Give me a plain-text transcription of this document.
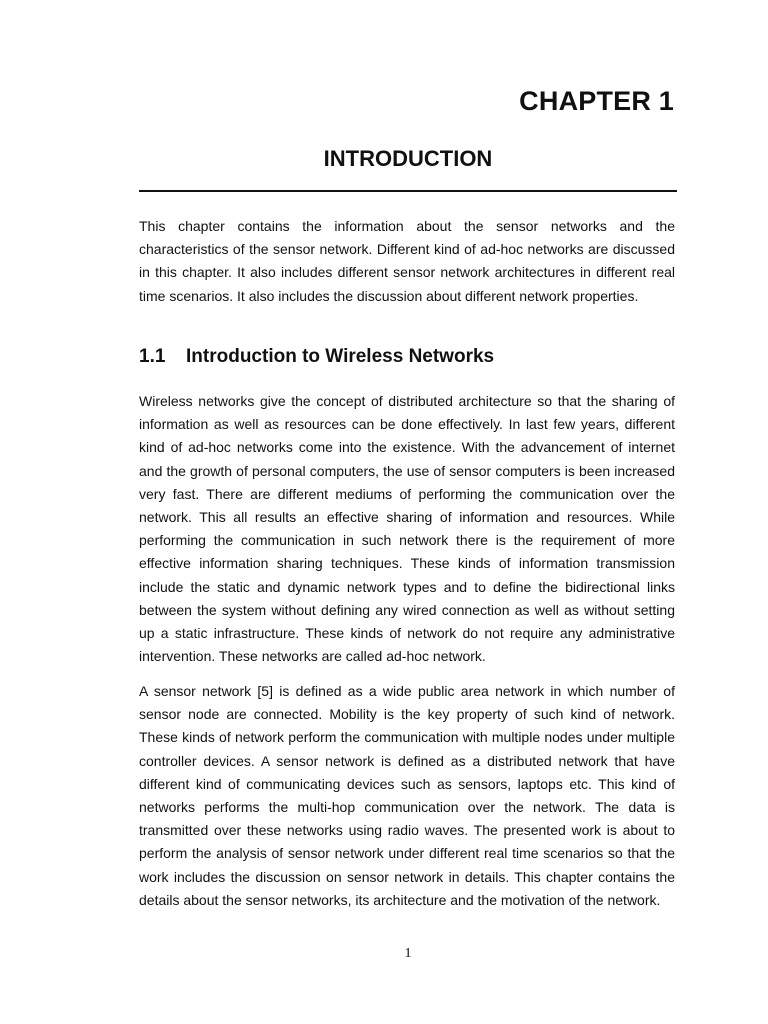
CHAPTER 1
INTRODUCTION

This chapter contains the information about the sensor networks and the characteristics of the sensor network. Different kind of ad-hoc networks are discussed in this chapter. It also includes different sensor network architectures in different real time scenarios. It also includes the discussion about different network properties.

1.1	Introduction to Wireless Networks

Wireless networks give the concept of distributed architecture so that the sharing of information as well as resources can be done effectively. In last few years, different kind of ad-hoc networks come into the existence. With the advancement of internet and the growth of personal computers, the use of sensor computers is been increased very fast. There are different mediums of performing the communication over the network. This all results an effective sharing of information and resources. While performing the communication in such network there is the requirement of more effective information sharing techniques. These kinds of information transmission include the static and dynamic network types and to define the bidirectional links between the system without defining any wired connection as well as without setting up a static infrastructure. These kinds of network do not require any administrative intervention. These networks are called ad-hoc network.

A sensor network [5] is defined as a wide public area network in which number of sensor node are connected. Mobility is the key property of such kind of network. These kinds of network perform the communication with multiple nodes under multiple controller devices. A sensor network is defined as a distributed network that have different kind of communicating devices such as sensors, laptops etc. This kind of networks performs the multi-hop communication over the network. The data is transmitted over these networks using radio waves. The presented work is about to perform the analysis of sensor network under different real time scenarios so that the work includes the discussion on sensor network in details. This chapter contains the details about the sensor networks, its architecture and the motivation of the network.

1
